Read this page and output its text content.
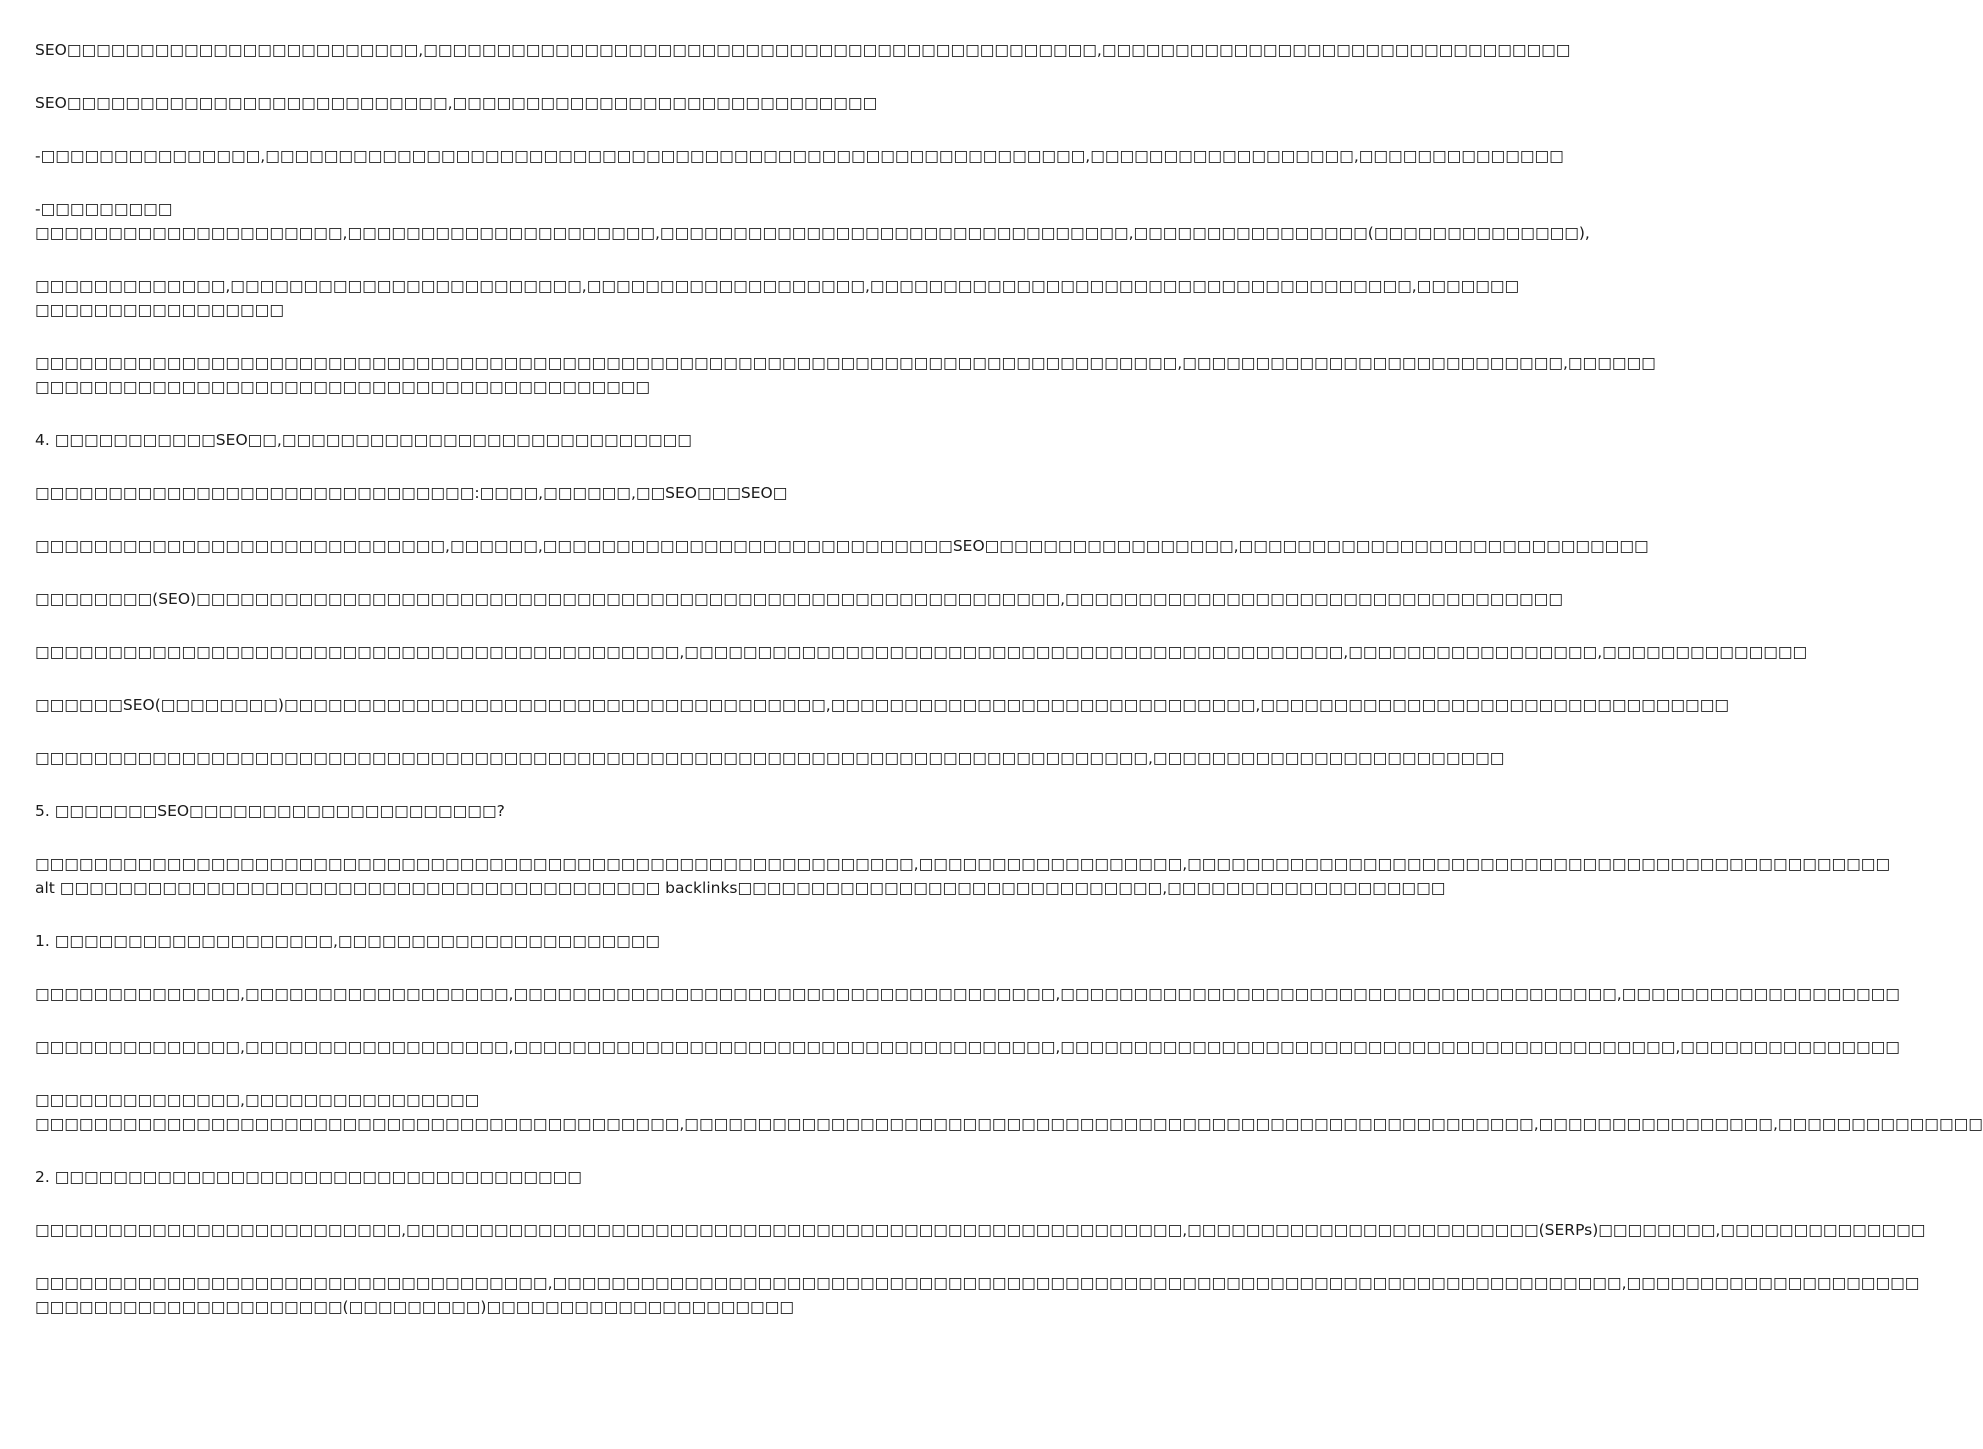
SEO□□□□□□□□□□□□□□□□□□□□□□□□,□□□□□□□□□□□□□□□□□□□□□□□□□□□□□□□□□□□□□□□□□□□□□□,□□□□□□□□□□□□□□□□□□□□□□□□□□□□□□□□

SEO□□□□□□□□□□□□□□□□□□□□□□□□□□,□□□□□□□□□□□□□□□□□□□□□□□□□□□□□

-□□□□□□□□□□□□□□□,□□□□□□□□□□□□□□□□□□□□□□□□□□□□□□□□□□□□□□□□□□□□□□□□□□□□□□□□,□□□□□□□□□□□□□□□□□□,□□□□□□□□□□□□□□

-□□□□□□□□□
□□□□□□□□□□□□□□□□□□□□□,□□□□□□□□□□□□□□□□□□□□□,□□□□□□□□□□□□□□□□□□□□□□□□□□□□□□□□,□□□□□□□□□□□□□□□□(□□□□□□□□□□□□□□),

□□□□□□□□□□□□□,□□□□□□□□□□□□□□□□□□□□□□□□,□□□□□□□□□□□□□□□□□□□,□□□□□□□□□□□□□□□□□□□□□□□□□□□□□□□□□□□□□,□□□□□□□
□□□□□□□□□□□□□□□□□

□□□□□□□□□□□□□□□□□□□□□□□□□□□□□□□□□□□□□□□□□□□□□□□□□□□□□□□□□□□□□□□□□□□□□□□□□□□□□□,□□□□□□□□□□□□□□□□□□□□□□□□□□,□□□□□□
□□□□□□□□□□□□□□□□□□□□□□□□□□□□□□□□□□□□□□□□□□

4. □□□□□□□□□□□SEO□□,□□□□□□□□□□□□□□□□□□□□□□□□□□□□

□□□□□□□□□□□□□□□□□□□□□□□□□□□□□□:□□□□,□□□□□□,□□SEO□□□SEO□

□□□□□□□□□□□□□□□□□□□□□□□□□□□□,□□□□□□,□□□□□□□□□□□□□□□□□□□□□□□□□□□□SEO□□□□□□□□□□□□□□□□□,□□□□□□□□□□□□□□□□□□□□□□□□□□□□

□□□□□□□□(SEO)□□□□□□□□□□□□□□□□□□□□□□□□□□□□□□□□□□□□□□□□□□□□□□□□□□□□□□□□□□□,□□□□□□□□□□□□□□□□□□□□□□□□□□□□□□□□□□

□□□□□□□□□□□□□□□□□□□□□□□□□□□□□□□□□□□□□□□□□□□□,□□□□□□□□□□□□□□□□□□□□□□□□□□□□□□□□□□□□□□□□□□□□□,□□□□□□□□□□□□□□□□□,□□□□□□□□□□□□□□

□□□□□□SEO(□□□□□□□□)□□□□□□□□□□□□□□□□□□□□□□□□□□□□□□□□□□□□□,□□□□□□□□□□□□□□□□□□□□□□□□□□□□□,□□□□□□□□□□□□□□□□□□□□□□□□□□□□□□□□

□□□□□□□□□□□□□□□□□□□□□□□□□□□□□□□□□□□□□□□□□□□□□□□□□□□□□□□□□□□□□□□□□□□□□□□□□□□□,□□□□□□□□□□□□□□□□□□□□□□□□

5. □□□□□□□SEO□□□□□□□□□□□□□□□□□□□□□?

□□□□□□□□□□□□□□□□□□□□□□□□□□□□□□□□□□□□□□□□□□□□□□□□□□□□□□□□□□□□,□□□□□□□□□□□□□□□□□□,□□□□□□□□□□□□□□□□□□□□□□□□□□□□□□□□□□□□□□□□□□□□□□□□
alt □□□□□□□□□□□□□□□□□□□□□□□□□□□□□□□□□□□□□□□□□ backlinks□□□□□□□□□□□□□□□□□□□□□□□□□□□□□,□□□□□□□□□□□□□□□□□□□

1. □□□□□□□□□□□□□□□□□□□,□□□□□□□□□□□□□□□□□□□□□□

□□□□□□□□□□□□□□,□□□□□□□□□□□□□□□□□□,□□□□□□□□□□□□□□□□□□□□□□□□□□□□□□□□□□□□□,□□□□□□□□□□□□□□□□□□□□□□□□□□□□□□□□□□□□□□,□□□□□□□□□□□□□□□□□□□

□□□□□□□□□□□□□□,□□□□□□□□□□□□□□□□□□,□□□□□□□□□□□□□□□□□□□□□□□□□□□□□□□□□□□□□,□□□□□□□□□□□□□□□□□□□□□□□□□□□□□□□□□□□□□□□□□□,□□□□□□□□□□□□□□□

□□□□□□□□□□□□□□,□□□□□□□□□□□□□□□□
□□□□□□□□□□□□□□□□□□□□□□□□□□□□□□□□□□□□□□□□□□□□,□□□□□□□□□□□□□□□□□□□□□□□□□□□□□□□□□□□□□□□□□□□□□□□□□□□□□□□□□□,□□□□□□□□□□□□□□□□,□□□□□□□□□□□□□□

2. □□□□□□□□□□□□□□□□□□□□□□□□□□□□□□□□□□□□

□□□□□□□□□□□□□□□□□□□□□□□□□,□□□□□□□□□□□□□□□□□□□□□□□□□□□□□□□□□□□□□□□□□□□□□□□□□□□□□,□□□□□□□□□□□□□□□□□□□□□□□□(SERPs)□□□□□□□□,□□□□□□□□□□□□□□

□□□□□□□□□□□□□□□□□□□□□□□□□□□□□□□□□□□,□□□□□□□□□□□□□□□□□□□□□□□□□□□□□□□□□□□□□□□□□□□□□□□□□□□□□□□□□□□□□□□□□□□□□□□□□,□□□□□□□□□□□□□□□□□□□□
□□□□□□□□□□□□□□□□□□□□□(□□□□□□□□□)□□□□□□□□□□□□□□□□□□□□□
